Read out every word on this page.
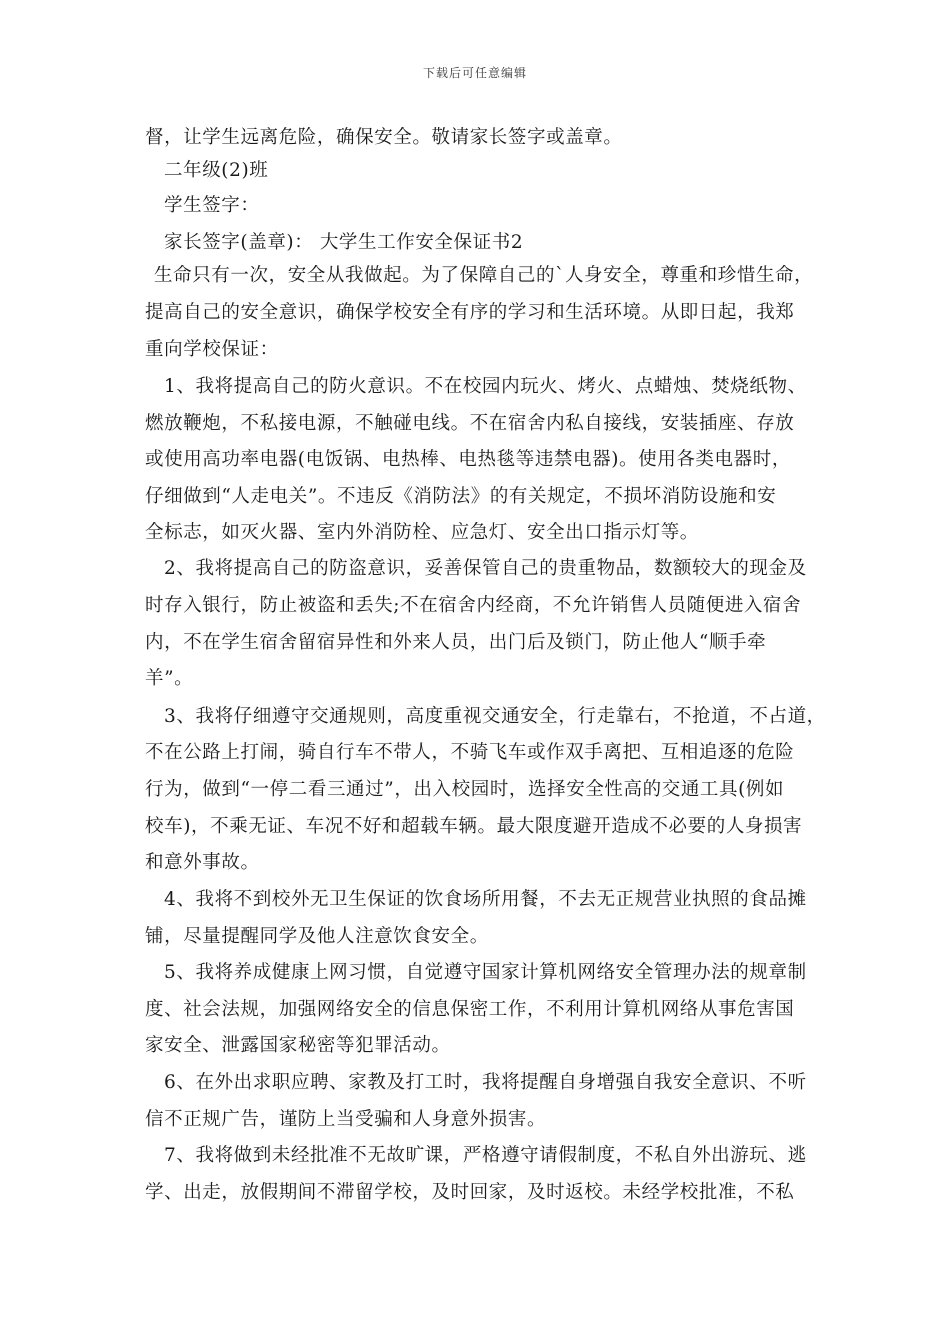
下载后可任意编辑
督，让学生远离危险，确保安全。敬请家长签字或盖章。
二年级(2)班
学生签字：
家长签字(盖章)： 大学生工作安全保证书2
生命只有一次，安全从我做起。为了保障自己的`人身安全，尊重和珍惜生命，
提高自己的安全意识，确保学校安全有序的学习和生活环境。从即日起，我郑
重向学校保证：
1、我将提高自己的防火意识。不在校园内玩火、烤火、点蜡烛、焚烧纸物、
燃放鞭炮，不私接电源，不触碰电线。不在宿舍内私自接线，安装插座、存放
或使用高功率电器(电饭锅、电热棒、电热毯等违禁电器)。使用各类电器时，
仔细做到“人走电关”。不违反《消防法》的有关规定，不损坏消防设施和安
全标志，如灭火器、室内外消防栓、应急灯、安全出口指示灯等。
2、我将提高自己的防盗意识，妥善保管自己的贵重物品，数额较大的现金及
时存入银行，防止被盗和丢失;不在宿舍内经商，不允许销售人员随便进入宿舍
内，不在学生宿舍留宿异性和外来人员，出门后及锁门，防止他人“顺手牵
羊”。
3、我将仔细遵守交通规则，高度重视交通安全，行走靠右，不抢道，不占道，
不在公路上打闹，骑自行车不带人，不骑飞车或作双手离把、互相追逐的危险
行为，做到“一停二看三通过”，出入校园时，选择安全性高的交通工具(例如
校车)，不乘无证、车况不好和超载车辆。最大限度避开造成不必要的人身损害
和意外事故。
4、我将不到校外无卫生保证的饮食场所用餐，不去无正规营业执照的食品摊
铺，尽量提醒同学及他人注意饮食安全。
5、我将养成健康上网习惯，自觉遵守国家计算机网络安全管理办法的规章制
度、社会法规，加强网络安全的信息保密工作，不利用计算机网络从事危害国
家安全、泄露国家秘密等犯罪活动。
6、在外出求职应聘、家教及打工时，我将提醒自身增强自我安全意识、不听
信不正规广告，谨防上当受骗和人身意外损害。
7、我将做到未经批准不无故旷课，严格遵守请假制度，不私自外出游玩、逃
学、出走，放假期间不滞留学校，及时回家，及时返校。未经学校批准，不私
